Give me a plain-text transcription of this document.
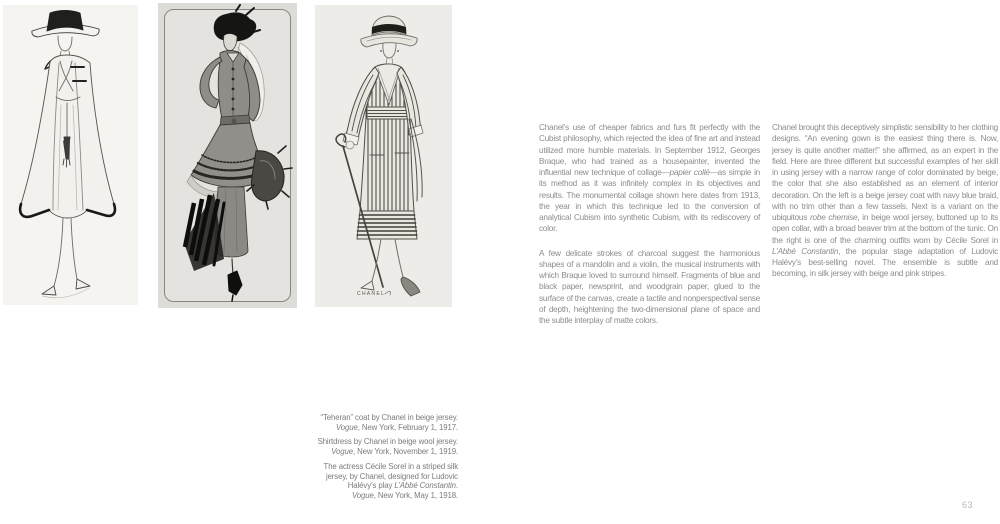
CHANEL
“Teheran” coat by Chanel in beige jersey.
Vogue, New York, February 1, 1917.
Shirtdress by Chanel in beige wool jersey.
Vogue, New York, November 1, 1919.
The actress Cécile Sorel in a striped silk
jersey, by Chanel, designed for Ludovic
Halévy’s play L’Abbé Constantin.
Vogue, New York, May 1, 1918.

Chanel’s use of cheaper fabrics and furs fit perfectly with the Cubist philosophy, which rejected the idea of fine art and instead utilized more humble materials. In September 1912, Georges Braque, who had trained as a housepainter, invented the influential new technique of collage—papier collé—as simple in its method as it was infinitely complex in its objectives and results. The monumental collage shown here dates from 1913, the year in which this technique led to the conversion of analytical Cubism into synthetic Cubism, with its rediscovery of color.

A few delicate strokes of charcoal suggest the harmonious shapes of a mandolin and a violin, the musical instruments with which Braque loved to surround himself. Fragments of blue and black paper, newsprint, and woodgrain paper, glued to the surface of the canvas, create a tactile and nonperspectival sense of depth, heightening the two-dimensional plane of space and the subtle interplay of matte colors.

Chanel brought this deceptively simplistic sensibility to her clothing designs. “An evening gown is the easiest thing there is. Now, jersey is quite another matter!” she affirmed, as an expert in the field. Here are three different but successful examples of her skill in using jersey with a narrow range of color dominated by beige, the color that she also established as an element of interior decoration. On the left is a beige jersey coat with navy blue braid, with no trim other than a few tassels. Next is a variant on the ubiquitous robe chemise, in beige wool jersey, buttoned up to its open collar, with a broad beaver trim at the bottom of the tunic. On the right is one of the charming outfits worn by Cécile Sorel in L’Abbé Constantin, the popular stage adaptation of Ludovic Halévy’s best-selling novel. The ensemble is subtle and becoming, in silk jersey with beige and pink stripes.

63
